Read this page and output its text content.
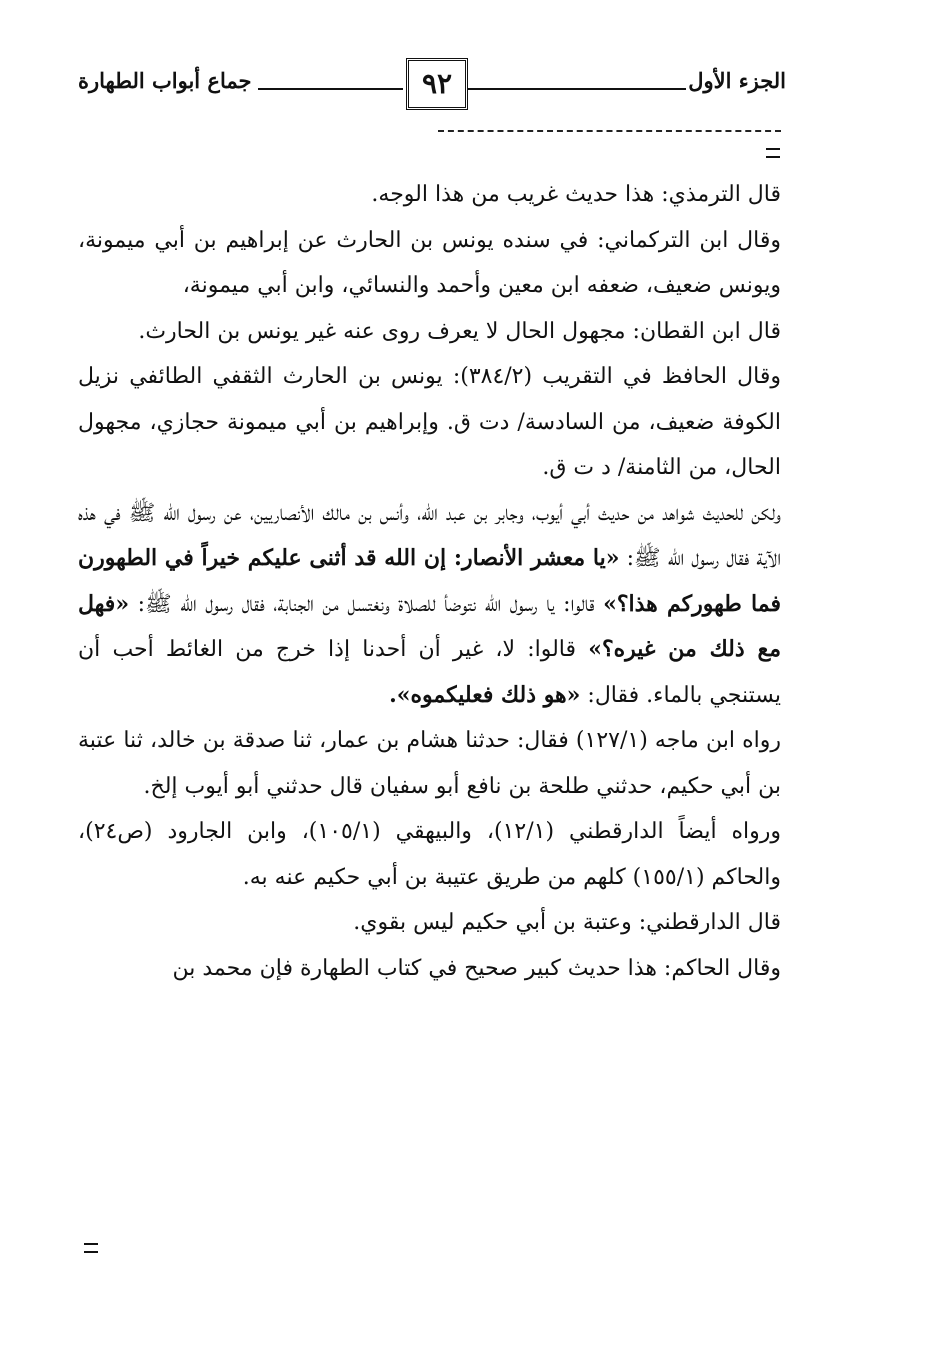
الجزء الأول
٩٢
جماع أبواب الطهارة

قال الترمذي: هذا حديث غريب من هذا الوجه.

وقال ابن التركماني: في سنده يونس بن الحارث عن إبراهيم بن أبي ميمونة، ويونس ضعيف، ضعفه ابن معين وأحمد والنسائي، وابن أبي ميمونة،

قال ابن القطان: مجهول الحال لا يعرف روى عنه غير يونس بن الحارث.

وقال الحافظ في التقريب (٣٨٤/٢): يونس بن الحارث الثقفي الطائفي نزيل الكوفة ضعيف، من السادسة/ دت ق. وإبراهيم بن أبي ميمونة حجازي، مجهول الحال، من الثامنة/ د ت ق.

ولكن للحديث شواهد من حديث أبي أيوب، وجابر بن عبد الله، وأنس بن مالك الأنصاريين، عن رسول الله ﷺ في هذه الآية فقال رسول الله ﷺ: «يا معشر الأنصار: إن الله قد أثنى عليكم خيراً في الطهورن فما طهوركم هذا؟» قالوا: يا رسول الله نتوضأ للصلاة ونغتسل من الجنابة، فقال رسول الله ﷺ: «فهل مع ذلك من غيره؟» قالوا: لا، غير أن أحدنا إذا خرج من الغائط أحب أن يستنجي بالماء. فقال: «هو ذلك فعليكموه».

رواه ابن ماجه (١٢٧/١) فقال: حدثنا هشام بن عمار، ثنا صدقة بن خالد، ثنا عتبة بن أبي حكيم، حدثني طلحة بن نافع أبو سفيان قال حدثني أبو أيوب إلخ.

ورواه أيضاً الدارقطني (١٢/١)، والبيهقي (١٠٥/١)، وابن الجارود (ص٢٤)، والحاكم (١٥٥/١) كلهم من طريق عتيبة بن أبي حكيم عنه به.

قال الدارقطني: وعتبة بن أبي حكيم ليس بقوي.

وقال الحاكم: هذا حديث كبير صحيح في كتاب الطهارة فإن محمد بن
